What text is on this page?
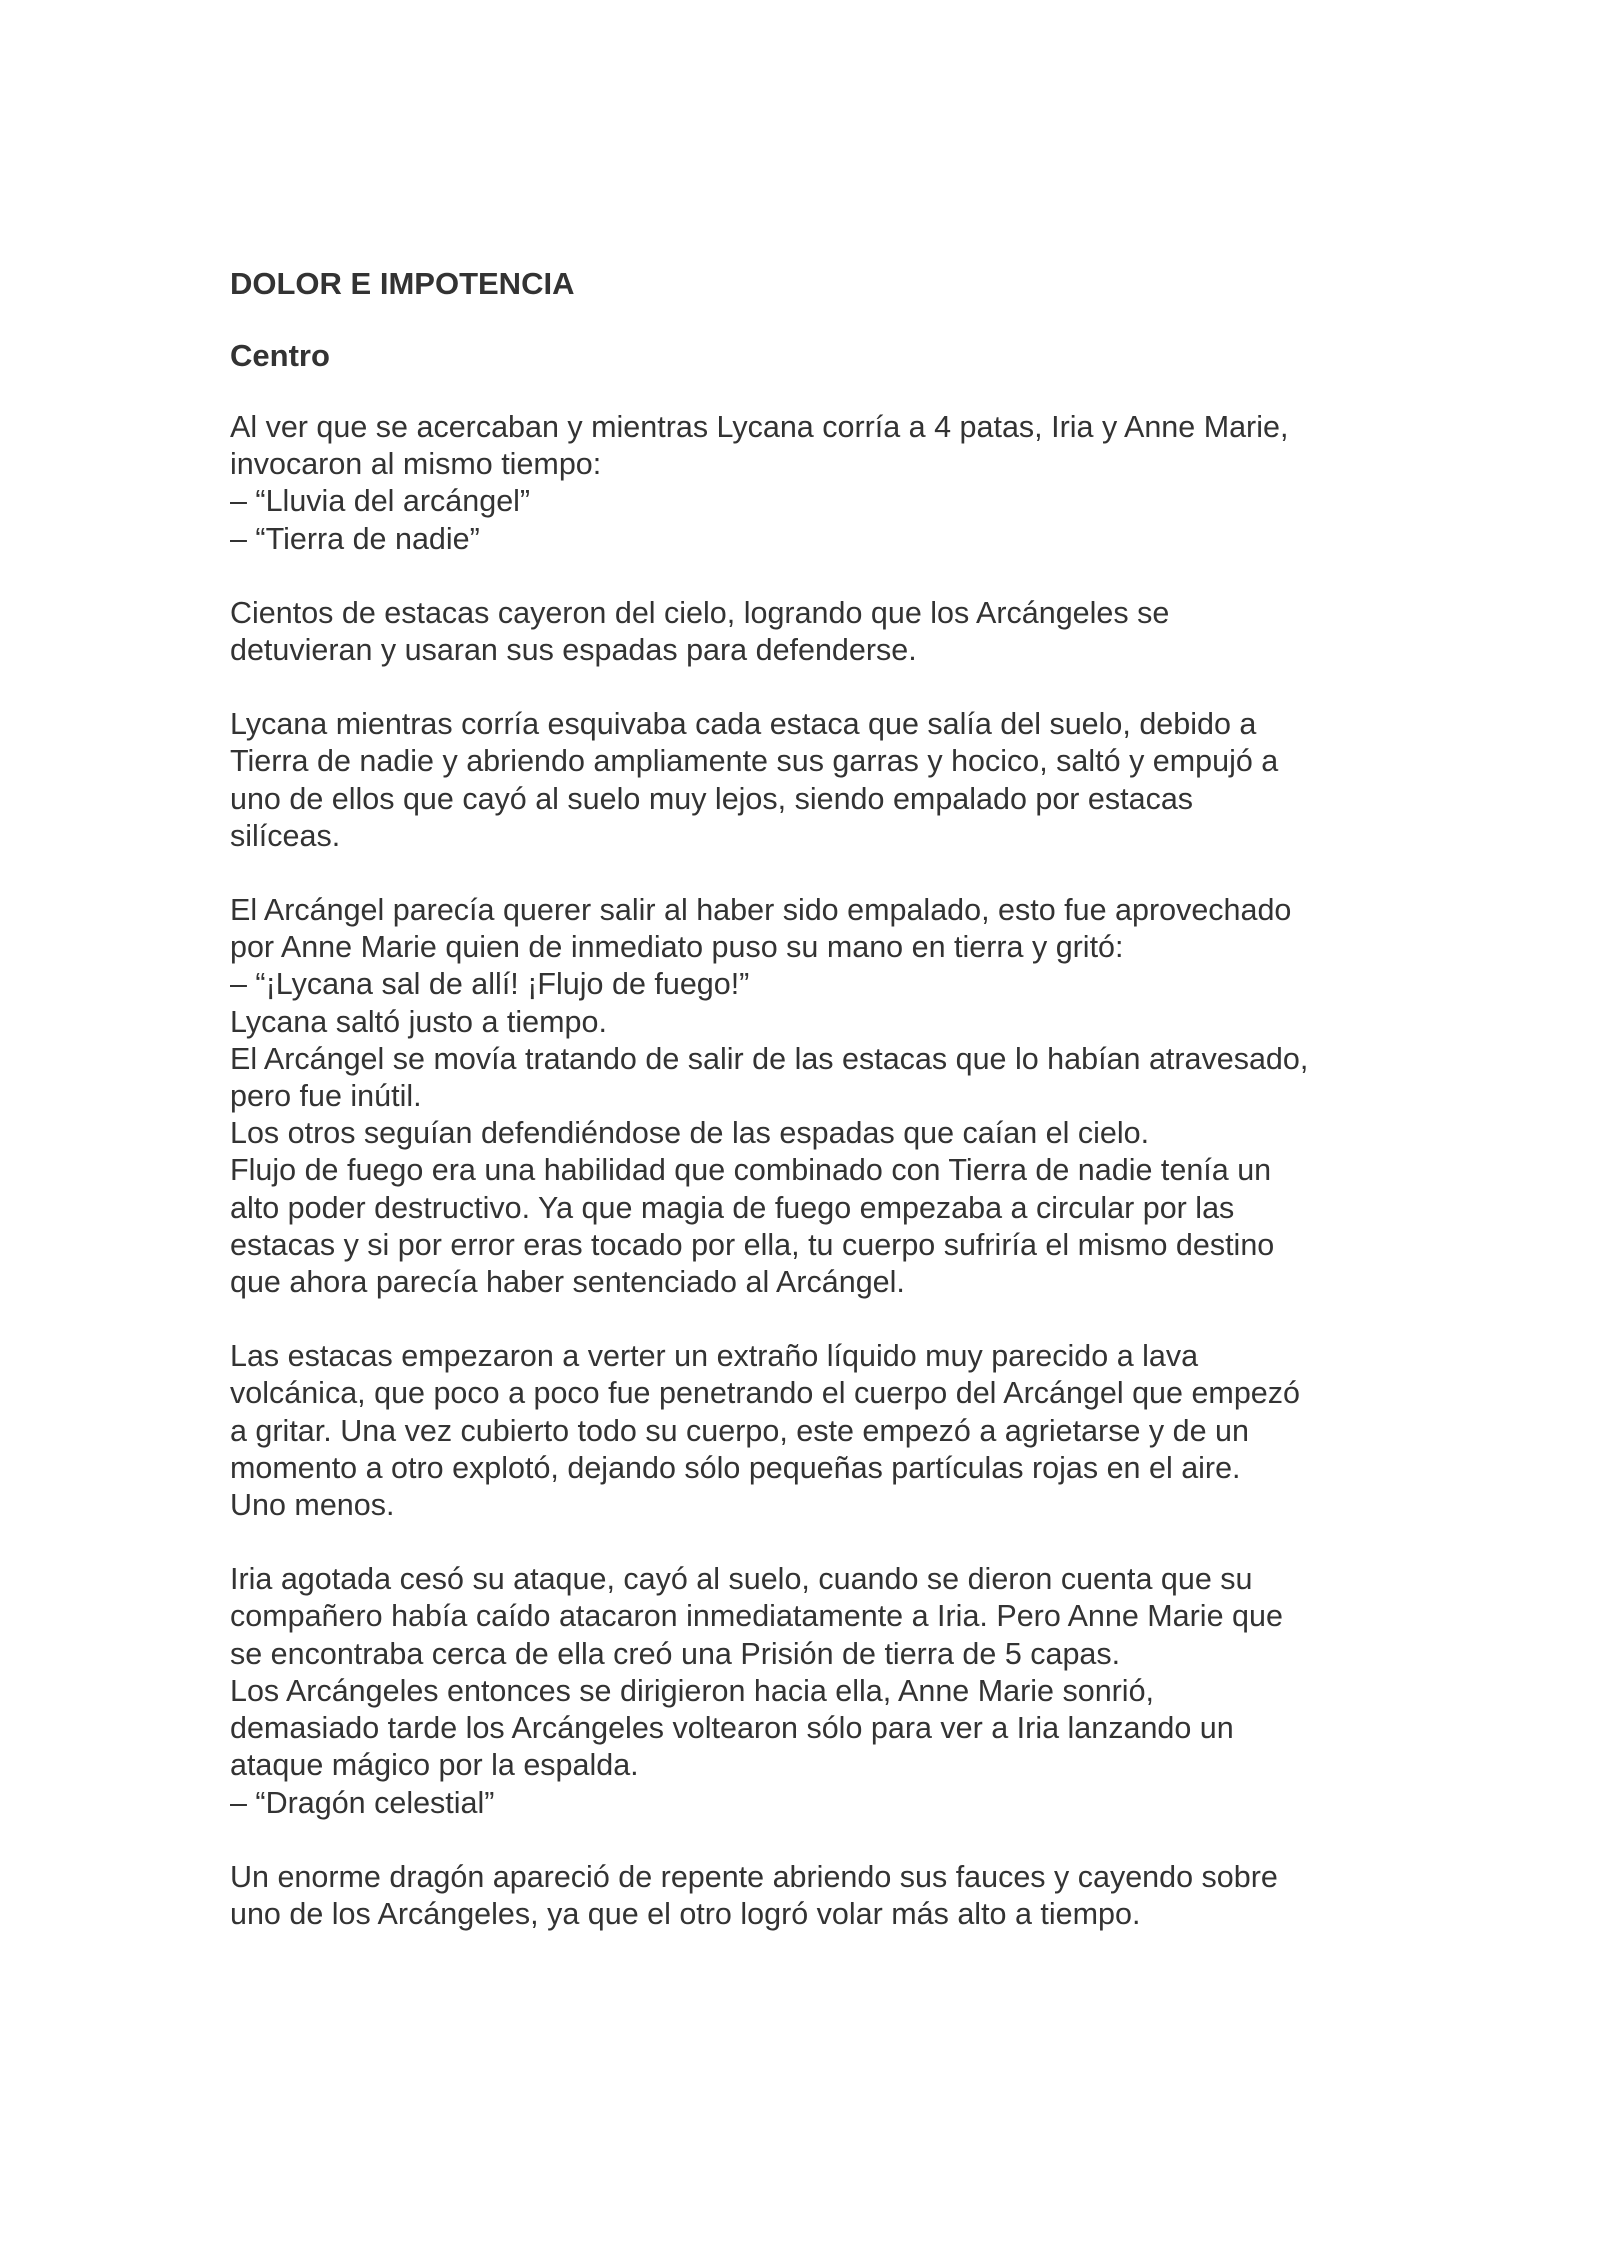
DOLOR E IMPOTENCIA
Centro
Al ver que se acercaban y mientras Lycana corría a 4 patas, Iria y Anne Marie,
invocaron al mismo tiempo:
– “Lluvia del arcángel”
– “Tierra de nadie”
Cientos de estacas cayeron del cielo, logrando que los Arcángeles se
detuvieran y usaran sus espadas para defenderse.
Lycana mientras corría esquivaba cada estaca que salía del suelo, debido a
Tierra de nadie y abriendo ampliamente sus garras y hocico, saltó y empujó a
uno de ellos que cayó al suelo muy lejos, siendo empalado por estacas
silíceas.
El Arcángel parecía querer salir al haber sido empalado, esto fue aprovechado
por Anne Marie quien de inmediato puso su mano en tierra y gritó:
– “¡Lycana sal de allí! ¡Flujo de fuego!”
Lycana saltó justo a tiempo.
El Arcángel se movía tratando de salir de las estacas que lo habían atravesado,
pero fue inútil.
Los otros seguían defendiéndose de las espadas que caían el cielo.
Flujo de fuego era una habilidad que combinado con Tierra de nadie tenía un
alto poder destructivo. Ya que magia de fuego empezaba a circular por las
estacas y si por error eras tocado por ella, tu cuerpo sufriría el mismo destino
que ahora parecía haber sentenciado al Arcángel.
Las estacas empezaron a verter un extraño líquido muy parecido a lava
volcánica, que poco a poco fue penetrando el cuerpo del Arcángel que empezó
a gritar. Una vez cubierto todo su cuerpo, este empezó a agrietarse y de un
momento a otro explotó, dejando sólo pequeñas partículas rojas en el aire.
Uno menos.
Iria agotada cesó su ataque, cayó al suelo, cuando se dieron cuenta que su
compañero había caído atacaron inmediatamente a Iria. Pero Anne Marie que
se encontraba cerca de ella creó una Prisión de tierra de 5 capas.
Los Arcángeles entonces se dirigieron hacia ella, Anne Marie sonrió,
demasiado tarde los Arcángeles voltearon sólo para ver a Iria lanzando un
ataque mágico por la espalda.
– “Dragón celestial”
Un enorme dragón apareció de repente abriendo sus fauces y cayendo sobre
uno de los Arcángeles, ya que el otro logró volar más alto a tiempo.
